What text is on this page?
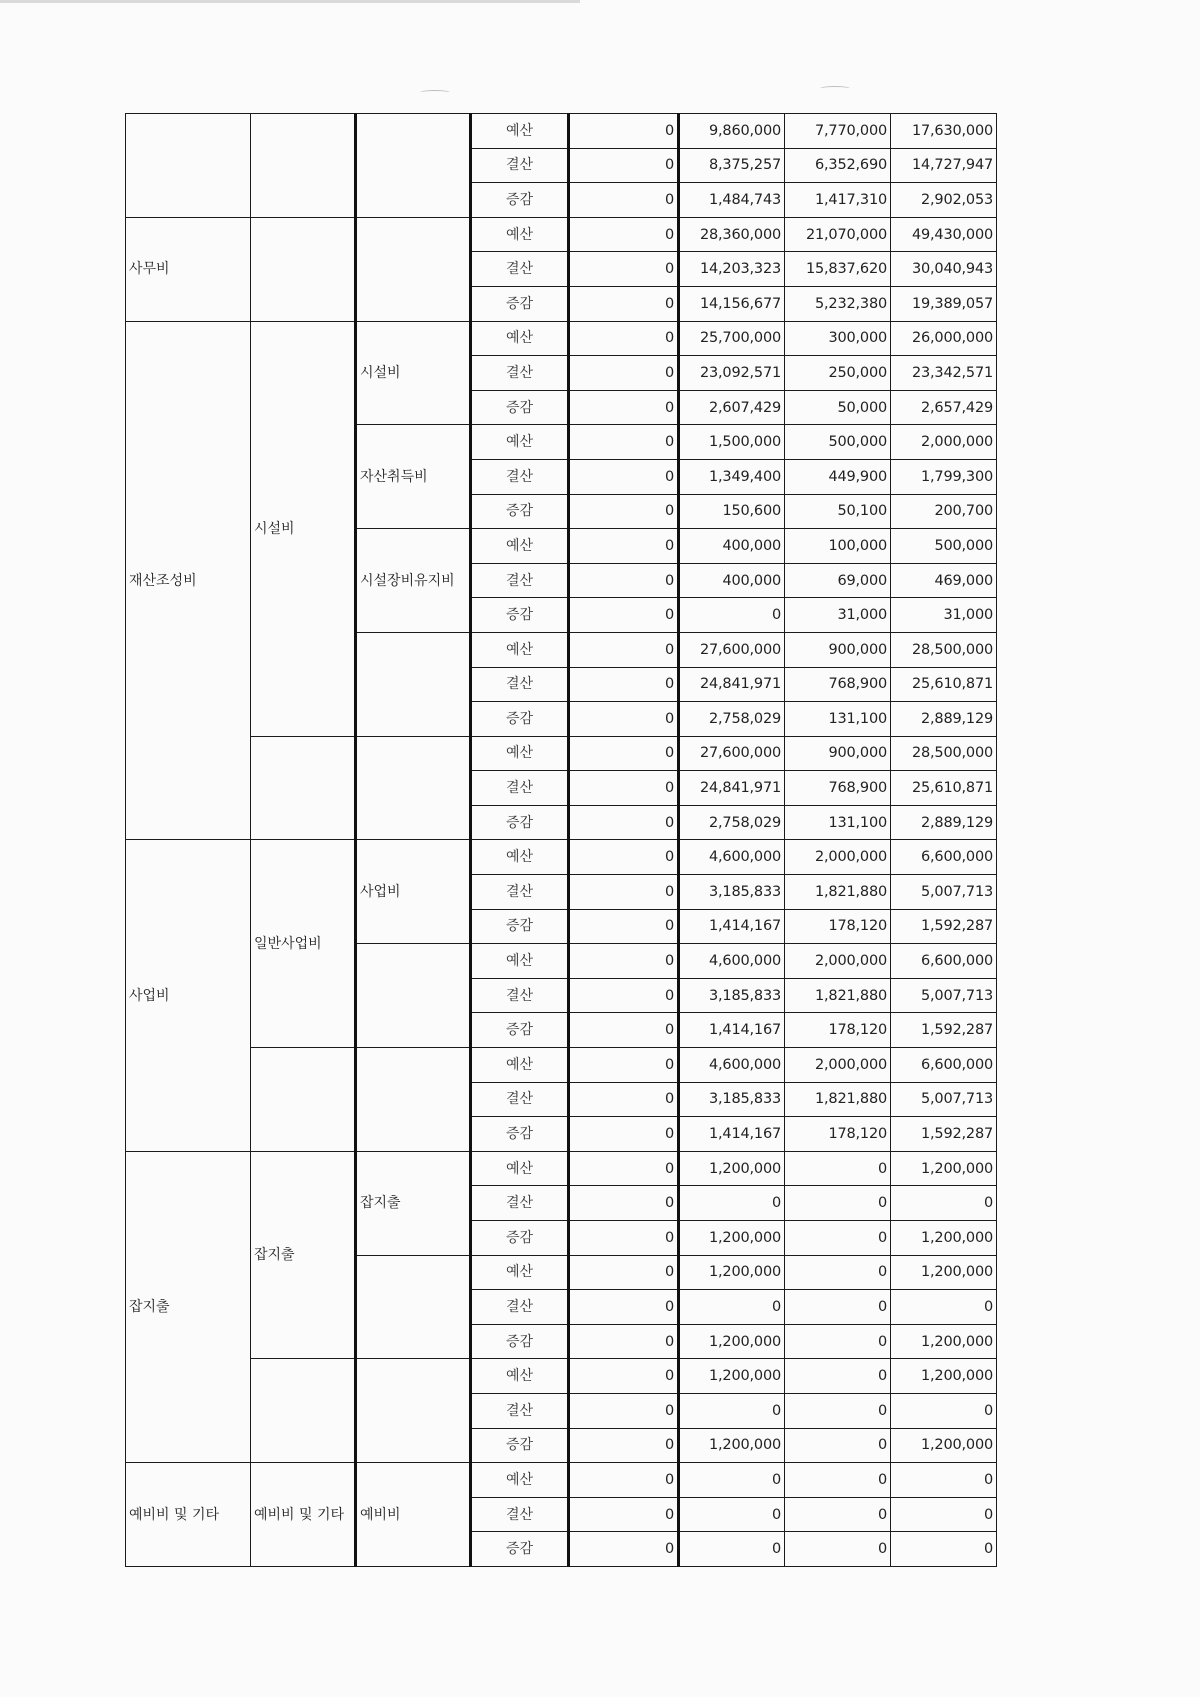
			예산	0	9,860,000	7,770,000	17,630,000
			결산	0	8,375,257	6,352,690	14,727,947
			증감	0	1,484,743	1,417,310	2,902,053
사무비			예산	0	28,360,000	21,070,000	49,430,000
			결산	0	14,203,323	15,837,620	30,040,943
			증감	0	14,156,677	5,232,380	19,389,057
재산조성비	시설비	시설비	예산	0	25,700,000	300,000	26,000,000
			결산	0	23,092,571	250,000	23,342,571
			증감	0	2,607,429	50,000	2,657,429
		자산취득비	예산	0	1,500,000	500,000	2,000,000
			결산	0	1,349,400	449,900	1,799,300
			증감	0	150,600	50,100	200,700
		시설장비유지비	예산	0	400,000	100,000	500,000
			결산	0	400,000	69,000	469,000
			증감	0	0	31,000	31,000
			예산	0	27,600,000	900,000	28,500,000
			결산	0	24,841,971	768,900	25,610,871
			증감	0	2,758,029	131,100	2,889,129
			예산	0	27,600,000	900,000	28,500,000
			결산	0	24,841,971	768,900	25,610,871
			증감	0	2,758,029	131,100	2,889,129
사업비	일반사업비	사업비	예산	0	4,600,000	2,000,000	6,600,000
			결산	0	3,185,833	1,821,880	5,007,713
			증감	0	1,414,167	178,120	1,592,287
			예산	0	4,600,000	2,000,000	6,600,000
			결산	0	3,185,833	1,821,880	5,007,713
			증감	0	1,414,167	178,120	1,592,287
			예산	0	4,600,000	2,000,000	6,600,000
			결산	0	3,185,833	1,821,880	5,007,713
			증감	0	1,414,167	178,120	1,592,287
잡지출	잡지출	잡지출	예산	0	1,200,000	0	1,200,000
			결산	0	0	0	0
			증감	0	1,200,000	0	1,200,000
			예산	0	1,200,000	0	1,200,000
			결산	0	0	0	0
			증감	0	1,200,000	0	1,200,000
			예산	0	1,200,000	0	1,200,000
			결산	0	0	0	0
			증감	0	1,200,000	0	1,200,000
예비비 및 기타	예비비 및 기타	예비비	예산	0	0	0	0
			결산	0	0	0	0
			증감	0	0	0	0
